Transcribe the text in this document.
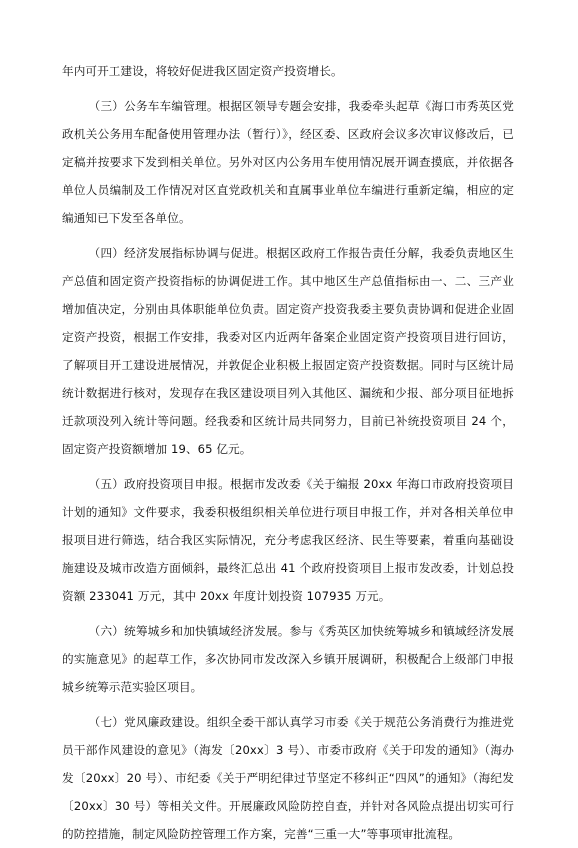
年内可开工建设，将较好促进我区固定资产投资增长。

（三）公务车车编管理。根据区领导专题会安排，我委牵头起草《海口市秀英区党政机关公务用车配备使用管理办法（暂行）》，经区委、区政府会议多次审议修改后，已定稿并按要求下发到相关单位。另外对区内公务用车使用情况展开调查摸底，并依据各单位人员编制及工作情况对区直党政机关和直属事业单位车编进行重新定编，相应的定编通知已下发至各单位。

（四）经济发展指标协调与促进。根据区政府工作报告责任分解，我委负责地区生产总值和固定资产投资指标的协调促进工作。其中地区生产总值指标由一、二、三产业增加值决定，分别由具体职能单位负责。固定资产投资我委主要负责协调和促进企业固定资产投资，根据工作安排，我委对区内近两年备案企业固定资产投资项目进行回访，了解项目开工建设进展情况，并敦促企业积极上报固定资产投资数据。同时与区统计局统计数据进行核对，发现存在我区建设项目列入其他区、漏统和少报、部分项目征地拆迁款项没列入统计等问题。经我委和区统计局共同努力，目前已补统投资项目 24 个，固定资产投资额增加 19、65 亿元。

（五）政府投资项目申报。根据市发改委《关于编报 20xx 年海口市政府投资项目计划的通知》文件要求，我委积极组织相关单位进行项目申报工作，并对各相关单位申报项目进行筛选，结合我区实际情况，充分考虑我区经济、民生等要素，着重向基础设施建设及城市改造方面倾斜，最终汇总出 41 个政府投资项目上报市发改委，计划总投资额 233041 万元，其中 20xx 年度计划投资 107935 万元。

（六）统筹城乡和加快镇域经济发展。参与《秀英区加快统筹城乡和镇域经济发展的实施意见》的起草工作，多次协同市发改深入乡镇开展调研，积极配合上级部门申报城乡统筹示范实验区项目。

（七）党风廉政建设。组织全委干部认真学习市委《关于规范公务消费行为推进党员干部作风建设的意见》（海发〔20xx〕3 号）、市委市政府《关于印发的通知》（海办发〔20xx〕20 号）、市纪委《关于严明纪律过节坚定不移纠正“四风”的通知》（海纪发〔20xx〕30 号）等相关文件。开展廉政风险防控自查，并针对各风险点提出切实可行的防控措施，制定风险防控管理工作方案，完善“三重一大”等事项审批流程。
